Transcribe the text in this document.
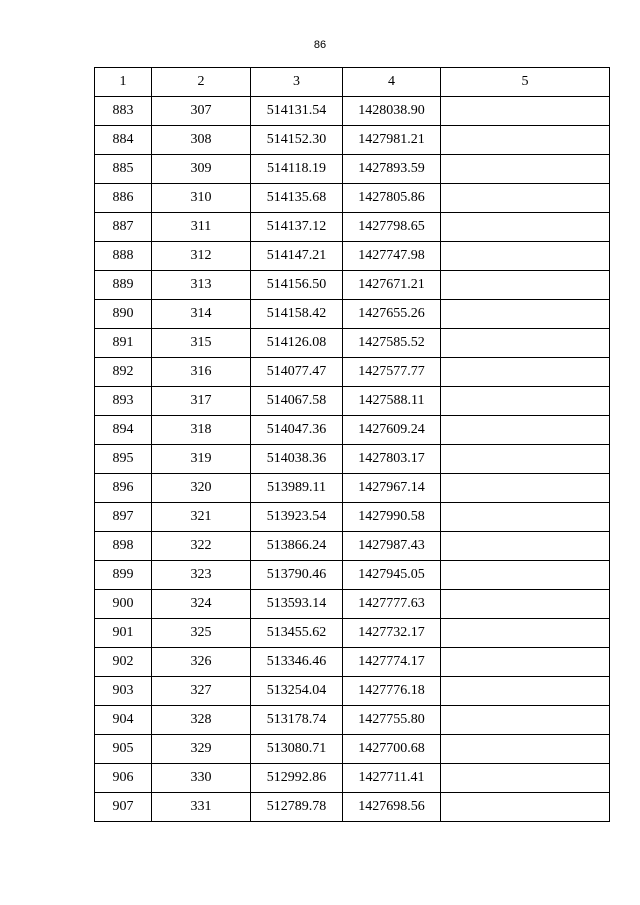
86
1	2	3	4	5
883	307	514131.54	1428038.90	
884	308	514152.30	1427981.21	
885	309	514118.19	1427893.59	
886	310	514135.68	1427805.86	
887	311	514137.12	1427798.65	
888	312	514147.21	1427747.98	
889	313	514156.50	1427671.21	
890	314	514158.42	1427655.26	
891	315	514126.08	1427585.52	
892	316	514077.47	1427577.77	
893	317	514067.58	1427588.11	
894	318	514047.36	1427609.24	
895	319	514038.36	1427803.17	
896	320	513989.11	1427967.14	
897	321	513923.54	1427990.58	
898	322	513866.24	1427987.43	
899	323	513790.46	1427945.05	
900	324	513593.14	1427777.63	
901	325	513455.62	1427732.17	
902	326	513346.46	1427774.17	
903	327	513254.04	1427776.18	
904	328	513178.74	1427755.80	
905	329	513080.71	1427700.68	
906	330	512992.86	1427711.41	
907	331	512789.78	1427698.56	
